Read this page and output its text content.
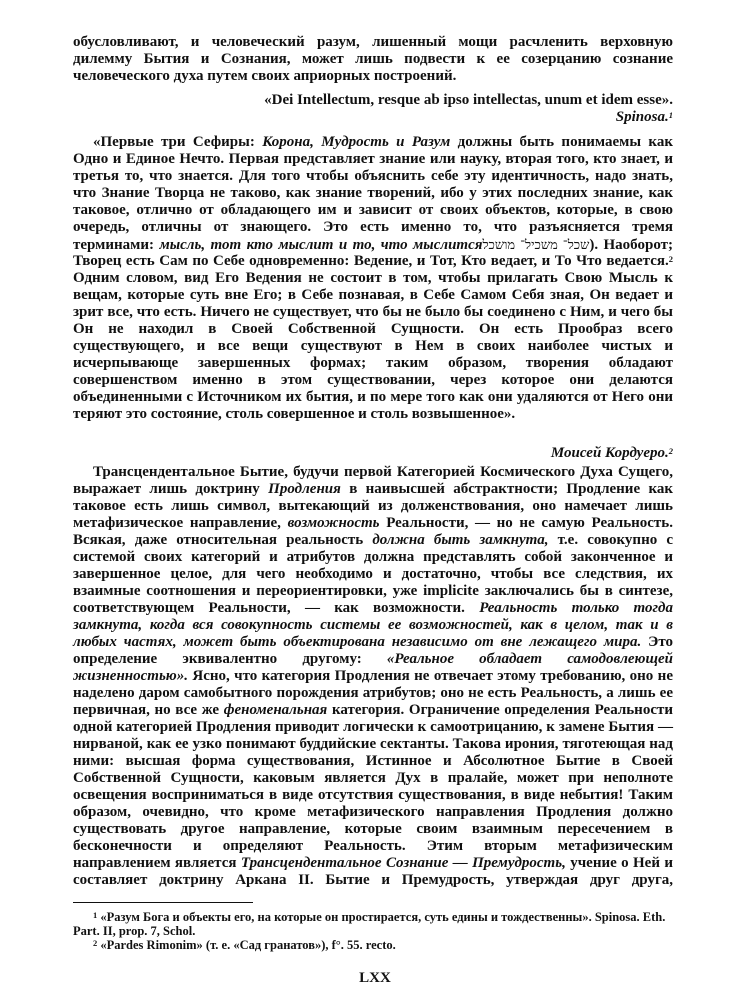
обусловливают, и человеческий разум, лишенный мощи расчленить верховную
дилемму Бытия и Сознания, может лишь подвести к ее созерцанию сознание
человеческого духа путем своих априорных построений.
«Dei Intellectum, resque ab ipso intellectas, unum et idem esse».
Spinosa.$^1$
«Первые три Сефиры: Корона, Мудрость и Разум должны быть понимаемы как
Одно и Единое Нечто. Первая представляет знание или науку, вторая того, кто знает, и
третья то, что знается. Для того чтобы объяснить себе эту идентичность, надо знать,
что Знание Творца не таково, как знание творений, ибо у этих последних знание, как
таковое, отлично от обладающего им и зависит от своих объектов, которые, в свою
очередь, отличны от знающего. Это есть именно то, что разъясняется тремя
терминами: мысль, тот кто мыслит и то, что мыслитсяשכל־ משכיל־ מושכל). Наоборот;
Творец есть Сам по Себе одновременно: Ведение, и Тот, Кто ведает, и То Что ведается.$^2$
Одним словом, вид Его Ведения не состоит в том, чтобы прилагать Свою Мысль к
вещам, которые суть вне Его; в Себе познавая, в Себе Самом Себя зная, Он ведает и
зрит все, что есть. Ничего не существует, что бы не было бы соединено с Ним, и чего бы
Он не находил в Своей Собственной Сущности. Он есть Прообраз всего
существующего, и все вещи существуют в Нем в своих наиболее чистых и
исчерпывающе завершенных формах; таким образом, творения обладают
совершенством именно в этом существовании, через которое они делаются
объединенными с Источником их бытия, и по мере того как они удаляются от Него они
теряют это состояние, столь совершенное и столь возвышенное».
Моисей Кордуеро.$^2$
Трансцендентальное Бытие, будучи первой Категорией Космического Духа Сущего,
выражает лишь доктрину Продления в наивысшей абстрактности; Продление как
таковое есть лишь символ, вытекающий из долженствования, оно намечает лишь
метафизическое направление, возможность Реальности, — но не самую Реальность.
Всякая, даже относительная реальность должна быть замкнута, т.е. совокупно с
системой своих категорий и атрибутов должна представлять собой законченное и
завершенное целое, для чего необходимо и достаточно, чтобы все следствия, их
взаимные соотношения и переориентировки, уже implicite заключались бы в синтезе,
соответствующем Реальности, — как возможности. Реальность только тогда
замкнута, когда вся совокупность системы ее возможностей, как в целом, так и в
любых частях, может быть объектирована независимо от вне лежащего мира. Это
определение эквивалентно другому: «Реальное обладает самодовлеющей
жизненностью». Ясно, что категория Продления не отвечает этому требованию, оно не
наделено даром самобытного порождения атрибутов; оно не есть Реальность, а лишь ее
первичная, но все же феноменальная категория. Ограничение определения Реальности
одной категорией Продления приводит логически к самоотрицанию, к замене Бытия —
нирваной, как ее узко понимают буддийские сектанты. Такова ирония, тяготеющая над
ними: высшая форма существования, Истинное и Абсолютное Бытие в Своей
Собственной Сущности, каковым является Дух в пралайе, может при неполноте
освещения восприниматься в виде отсутствия существования, в виде небытия! Таким
образом, очевидно, что кроме метафизического направления Продления должно
существовать другое направление, которые своим взаимным пересечением в
бесконечности и определяют Реальность. Этим вторым метафизическим
направлением является Трансцендентальное Сознание — Премудрость, учение о Ней и
составляет доктрину Аркана II. Бытие и Премудрость, утверждая друг друга,
$^1$ «Разум Бога и объекты его, на которые он простирается, суть едины и тождественны». Spinosa. Eth.
Part. II, prop. 7, Schol.
$^2$ «Pardes Rimonim» (т. е. «Сад гранатов»), f°. 55. recto.
LXX
